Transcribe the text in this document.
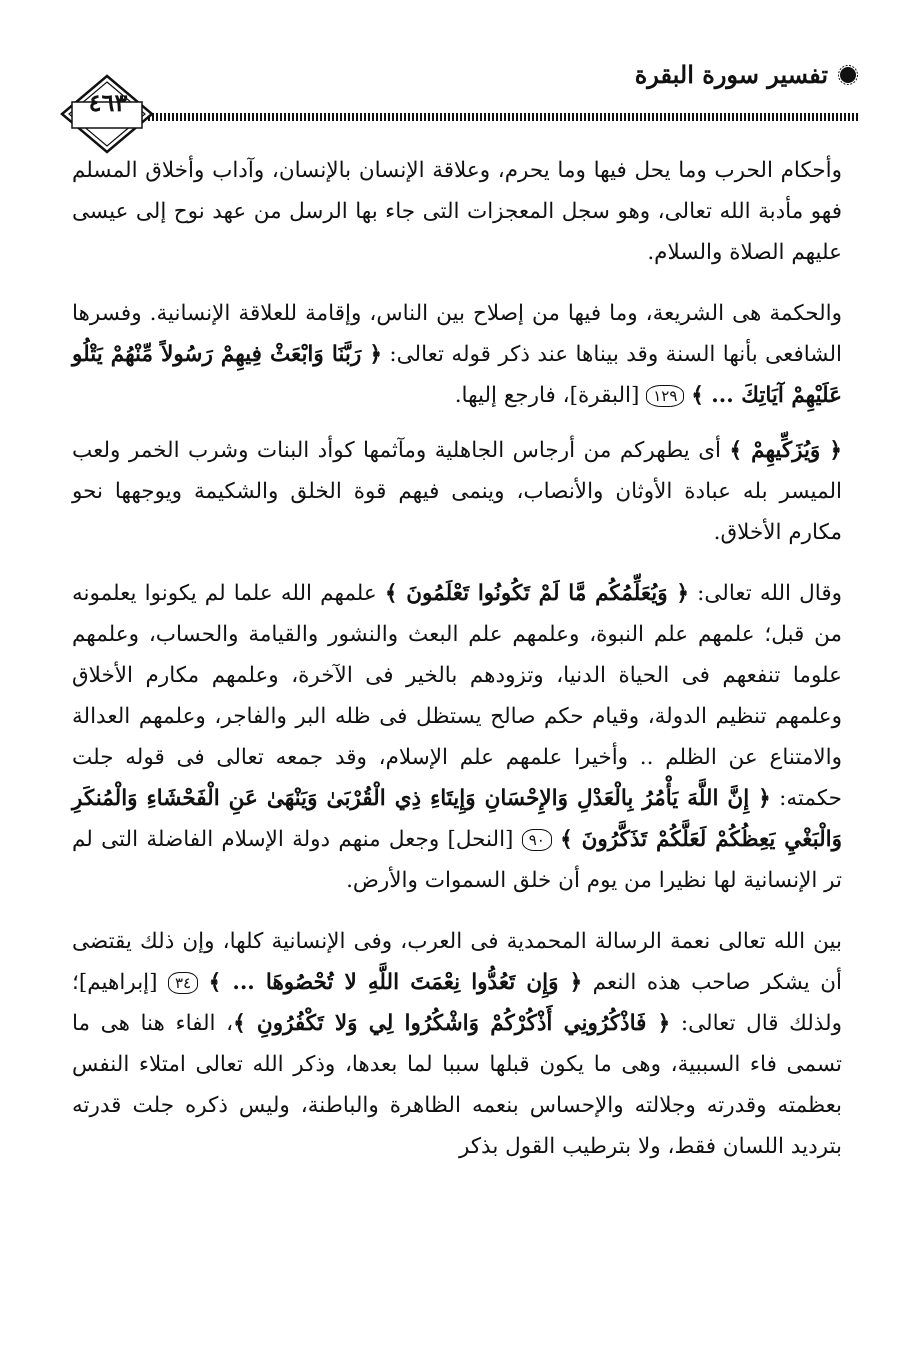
تفسير سورة البقرة
٤٦٣

وأحكام الحرب وما يحل فيها وما يحرم، وعلاقة الإنسان بالإنسان، وآداب وأخلاق المسلم فهو مأدبة الله تعالى، وهو سجل المعجزات التى جاء بها الرسل من عهد نوح إلى عيسى عليهم الصلاة والسلام.

والحكمة هى الشريعة، وما فيها من إصلاح بين الناس، وإقامة للعلاقة الإنسانية. وفسرها الشافعى بأنها السنة وقد بيناها عند ذكر قوله تعالى: ﴿ رَبَّنَا وَابْعَثْ فِيهِمْ رَسُولاً مِّنْهُمْ يَتْلُو عَلَيْهِمْ آيَاتِكَ ... ﴾ ١٢٩ [البقرة]، فارجع إليها.

﴿ وَيُزَكِّيهِمْ ﴾ أى يطهركم من أرجاس الجاهلية ومآثمها كوأد البنات وشرب الخمر ولعب الميسر بله عبادة الأوثان والأنصاب، وينمى فيهم قوة الخلق والشكيمة ويوجهها نحو مكارم الأخلاق.

وقال الله تعالى: ﴿ وَيُعَلِّمُكُم مَّا لَمْ تَكُونُوا تَعْلَمُونَ ﴾ علمهم الله علما لم يكونوا يعلمونه من قبل؛ علمهم علم النبوة، وعلمهم علم البعث والنشور والقيامة والحساب، وعلمهم علوما تنفعهم فى الحياة الدنيا، وتزودهم بالخير فى الآخرة، وعلمهم مكارم الأخلاق وعلمهم تنظيم الدولة، وقيام حكم صالح يستظل فى ظله البر والفاجر، وعلمهم العدالة والامتناع عن الظلم .. وأخيرا علمهم علم الإسلام، وقد جمعه تعالى فى قوله جلت حكمته: ﴿ إِنَّ اللَّهَ يَأْمُرُ بِالْعَدْلِ وَالإِحْسَانِ وَإِيتَاءِ ذِي الْقُرْبَىٰ وَيَنْهَىٰ عَنِ الْفَحْشَاءِ وَالْمُنكَرِ وَالْبَغْيِ يَعِظُكُمْ لَعَلَّكُمْ تَذَكَّرُونَ ﴾ ٩٠ [النحل] وجعل منهم دولة الإسلام الفاضلة التى لم تر الإنسانية لها نظيرا من يوم أن خلق السموات والأرض.

بين الله تعالى نعمة الرسالة المحمدية فى العرب، وفى الإنسانية كلها، وإن ذلك يقتضى أن يشكر صاحب هذه النعم ﴿ وَإِن تَعُدُّوا نِعْمَتَ اللَّهِ لا تُحْصُوهَا ... ﴾ ٣٤ [إبراهيم]؛ ولذلك قال تعالى: ﴿ فَاذْكُرُونِي أَذْكُرْكُمْ وَاشْكُرُوا لِي وَلا تَكْفُرُونِ ﴾، الفاء هنا هى ما تسمى فاء السببية، وهى ما يكون قبلها سببا لما بعدها، وذكر الله تعالى امتلاء النفس بعظمته وقدرته وجلالته والإحساس بنعمه الظاهرة والباطنة، وليس ذكره جلت قدرته بترديد اللسان فقط، ولا بترطيب القول بذكر
